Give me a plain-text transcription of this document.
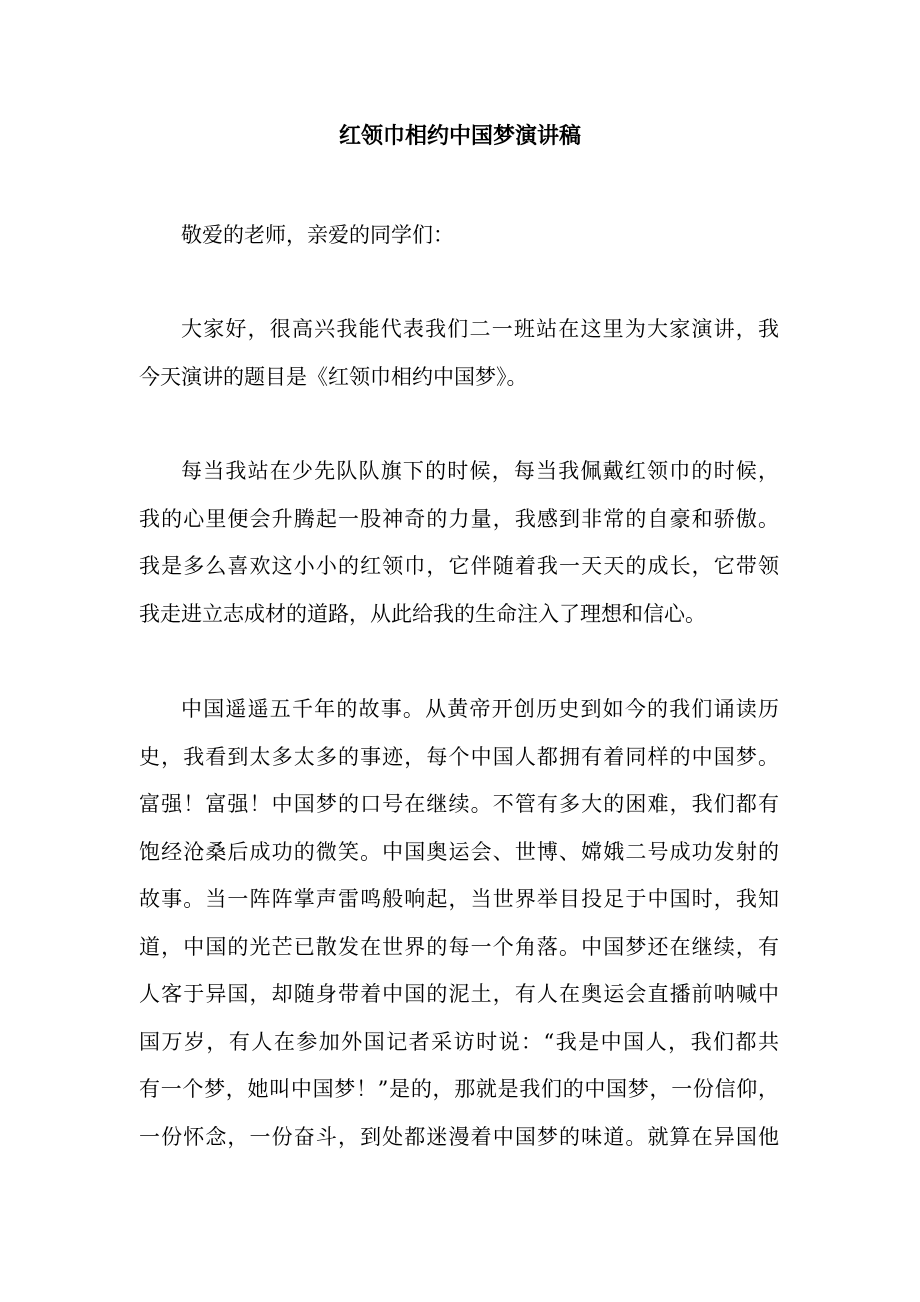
红领巾相约中国梦演讲稿
敬爱的老师，亲爱的同学们：
大家好，很高兴我能代表我们二一班站在这里为大家演讲，我
今天演讲的题目是《红领巾相约中国梦》。
每当我站在少先队队旗下的时候，每当我佩戴红领巾的时候，
我的心里便会升腾起一股神奇的力量，我感到非常的自豪和骄傲。
我是多么喜欢这小小的红领巾，它伴随着我一天天的成长，它带领
我走进立志成材的道路，从此给我的生命注入了理想和信心。
中国遥遥五千年的故事。从黄帝开创历史到如今的我们诵读历
史，我看到太多太多的事迹，每个中国人都拥有着同样的中国梦。
富强！富强！中国梦的口号在继续。不管有多大的困难，我们都有
饱经沧桑后成功的微笑。中国奥运会、世博、嫦娥二号成功发射的
故事。当一阵阵掌声雷鸣般响起，当世界举目投足于中国时，我知
道，中国的光芒已散发在世界的每一个角落。中国梦还在继续，有
人客于异国，却随身带着中国的泥土，有人在奥运会直播前呐喊中
国万岁，有人在参加外国记者采访时说：“我是中国人，我们都共
有一个梦，她叫中国梦！”是的，那就是我们的中国梦，一份信仰，
一份怀念，一份奋斗，到处都迷漫着中国梦的味道。就算在异国他
